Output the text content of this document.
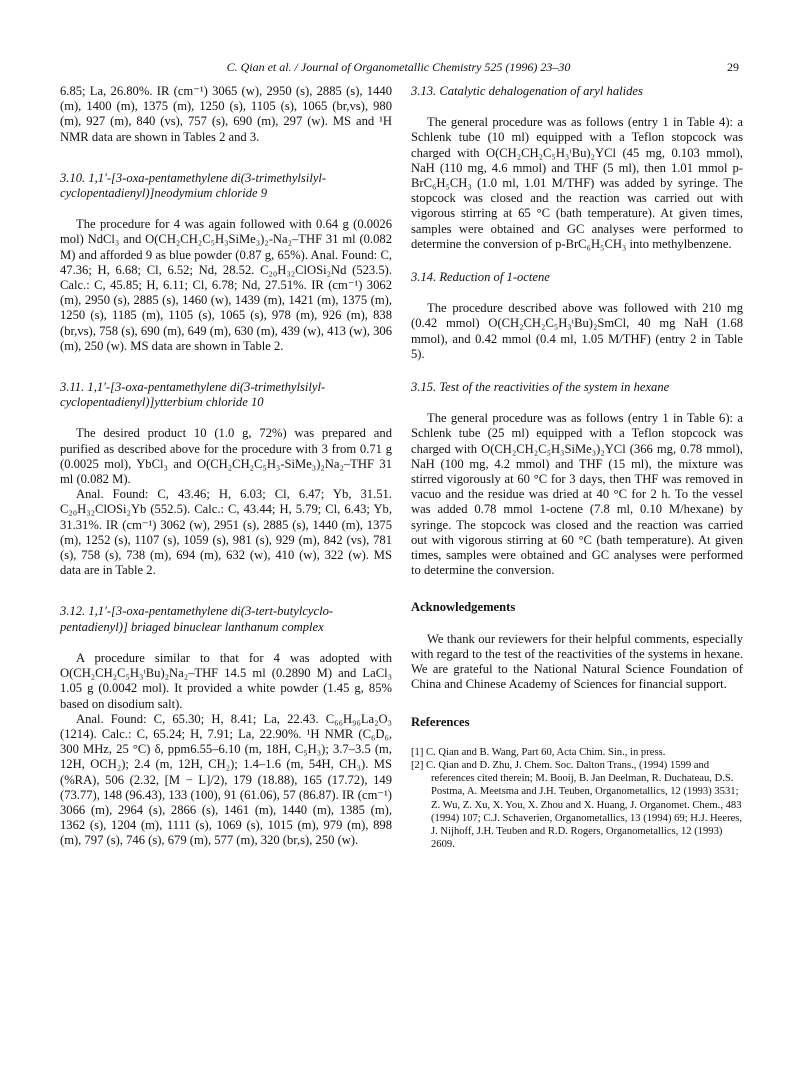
C. Qian et al. / Journal of Organometallic Chemistry 525 (1996) 23–30	29

6.85; La, 26.80%. IR (cm⁻¹) 3065 (w), 2950 (s), 2885 (s), 1440 (m), 1400 (m), 1375 (m), 1250 (s), 1105 (s), 1065 (br,vs), 980 (m), 927 (m), 840 (vs), 757 (s), 690 (m), 297 (w). MS and ¹H NMR data are shown in Tables 2 and 3.

3.10. 1,1′-[3-oxa-pentamethylene di(3-trimethylsilyl-cyclopentadienyl)]neodymium chloride 9

The procedure for 4 was again followed with 0.64 g (0.0026 mol) NdCl₃ and O(CH₂CH₂C₅H₃SiMe₃)₂-Na₂–THF 31 ml (0.082 M) and afforded 9 as blue powder (0.87 g, 65%). Anal. Found: C, 47.36; H, 6.68; Cl, 6.52; Nd, 28.52. C₂₀H₃₂ClOSi₂Nd (523.5). Calc.: C, 45.85; H, 6.11; Cl, 6.78; Nd, 27.51%. IR (cm⁻¹) 3062 (m), 2950 (s), 2885 (s), 1460 (w), 1439 (m), 1421 (m), 1375 (m), 1250 (s), 1185 (m), 1105 (s), 1065 (s), 978 (m), 926 (m), 838 (br,vs), 758 (s), 690 (m), 649 (m), 630 (m), 439 (w), 413 (w), 306 (m), 250 (w). MS data are shown in Table 2.

3.11. 1,1′-[3-oxa-pentamethylene di(3-trimethylsilyl-cyclopentadienyl)]ytterbium chloride 10

The desired product 10 (1.0 g, 72%) was prepared and purified as described above for the procedure with 3 from 0.71 g (0.0025 mol), YbCl₃ and O(CH₂CH₂C₅H₃-SiMe₃)₂Na₂–THF 31 ml (0.082 M).

Anal. Found: C, 43.46; H, 6.03; Cl, 6.47; Yb, 31.51. C₂₀H₃₂ClOSi₂Yb (552.5). Calc.: C, 43.44; H, 5.79; Cl, 6.43; Yb, 31.31%. IR (cm⁻¹) 3062 (w), 2951 (s), 2885 (s), 1440 (m), 1375 (m), 1252 (s), 1107 (s), 1059 (s), 981 (s), 929 (m), 842 (vs), 781 (s), 758 (s), 738 (m), 694 (m), 632 (w), 410 (w), 322 (w). MS data are in Table 2.

3.12. 1,1′-[3-oxa-pentamethylene di(3-tert-butylcyclo-pentadienyl)] briaged binuclear lanthanum complex

A procedure similar to that for 4 was adopted with O(CH₂CH₂C₅H₃ᵗBu)₂Na₂–THF 14.5 ml (0.2890 M) and LaCl₃ 1.05 g (0.0042 mol). It provided a white powder (1.45 g, 85% based on disodium salt).

Anal. Found: C, 65.30; H, 8.41; La, 22.43. C₆₆H₉₆La₂O₃ (1214). Calc.: C, 65.24; H, 7.91; La, 22.90%. ¹H NMR (C₆D₆, 300 MHz, 25 °C) δ, ppm6.55–6.10 (m, 18H, C₅H₃); 3.7–3.5 (m, 12H, OCH₂); 2.4 (m, 12H, CH₂); 1.4–1.6 (m, 54H, CH₃). MS (%RA), 506 (2.32, [M − L]/2), 179 (18.88), 165 (17.72), 149 (73.77), 148 (96.43), 133 (100), 91 (61.06), 57 (86.87). IR (cm⁻¹) 3066 (m), 2964 (s), 2866 (s), 1461 (m), 1440 (m), 1385 (m), 1362 (s), 1204 (m), 1111 (s), 1069 (s), 1015 (m), 979 (m), 898 (m), 797 (s), 746 (s), 679 (m), 577 (m), 320 (br,s), 250 (w).

3.13. Catalytic dehalogenation of aryl halides

The general procedure was as follows (entry 1 in Table 4): a Schlenk tube (10 ml) equipped with a Teflon stopcock was charged with O(CH₂CH₂C₅H₃ᵗBu)₂YCl (45 mg, 0.103 mmol), NaH (110 mg, 4.6 mmol) and THF (5 ml), then 1.01 mmol p-BrC₆H₅CH₃ (1.0 ml, 1.01 M/THF) was added by syringe. The stopcock was closed and the reaction was carried out with vigorous stirring at 65 °C (bath temperature). At given times, samples were obtained and GC analyses were performed to determine the conversion of p-BrC₆H₅CH₃ into methylbenzene.

3.14. Reduction of 1-octene

The procedure described above was followed with 210 mg (0.42 mmol) O(CH₂CH₂C₅H₃ᵗBu)₂SmCl, 40 mg NaH (1.68 mmol), and 0.42 mmol (0.4 ml, 1.05 M/THF) (entry 2 in Table 5).

3.15. Test of the reactivities of the system in hexane

The general procedure was as follows (entry 1 in Table 6): a Schlenk tube (25 ml) equipped with a Teflon stopcock was charged with O(CH₂CH₂C₅H₃SiMe₃)₂YCl (366 mg, 0.78 mmol), NaH (100 mg, 4.2 mmol) and THF (15 ml), the mixture was stirred vigorously at 60 °C for 3 days, then THF was removed in vacuo and the residue was dried at 40 °C for 2 h. To the vessel was added 0.78 mmol 1-octene (7.8 ml, 0.10 M/hexane) by syringe. The stopcock was closed and the reaction was carried out with vigorous stirring at 60 °C (bath temperature). At given times, samples were obtained and GC analyses were performed to determine the conversion.

Acknowledgements

We thank our reviewers for their helpful comments, especially with regard to the test of the reactivities of the systems in hexane. We are grateful to the National Natural Science Foundation of China and Chinese Academy of Sciences for financial support.

References

[1] C. Qian and B. Wang, Part 60, Acta Chim. Sin., in press.

[2] C. Qian and D. Zhu, J. Chem. Soc. Dalton Trans., (1994) 1599 and references cited therein; M. Booij, B. Jan Deelman, R. Duchateau, D.S. Postma, A. Meetsma and J.H. Teuben, Organometallics, 12 (1993) 3531; Z. Wu, Z. Xu, X. You, X. Zhou and X. Huang, J. Organomet. Chem., 483 (1994) 107; C.J. Schaverien, Organometallics, 13 (1994) 69; H.J. Heeres, J. Nijhoff, J.H. Teuben and R.D. Rogers, Organometallics, 12 (1993) 2609.
